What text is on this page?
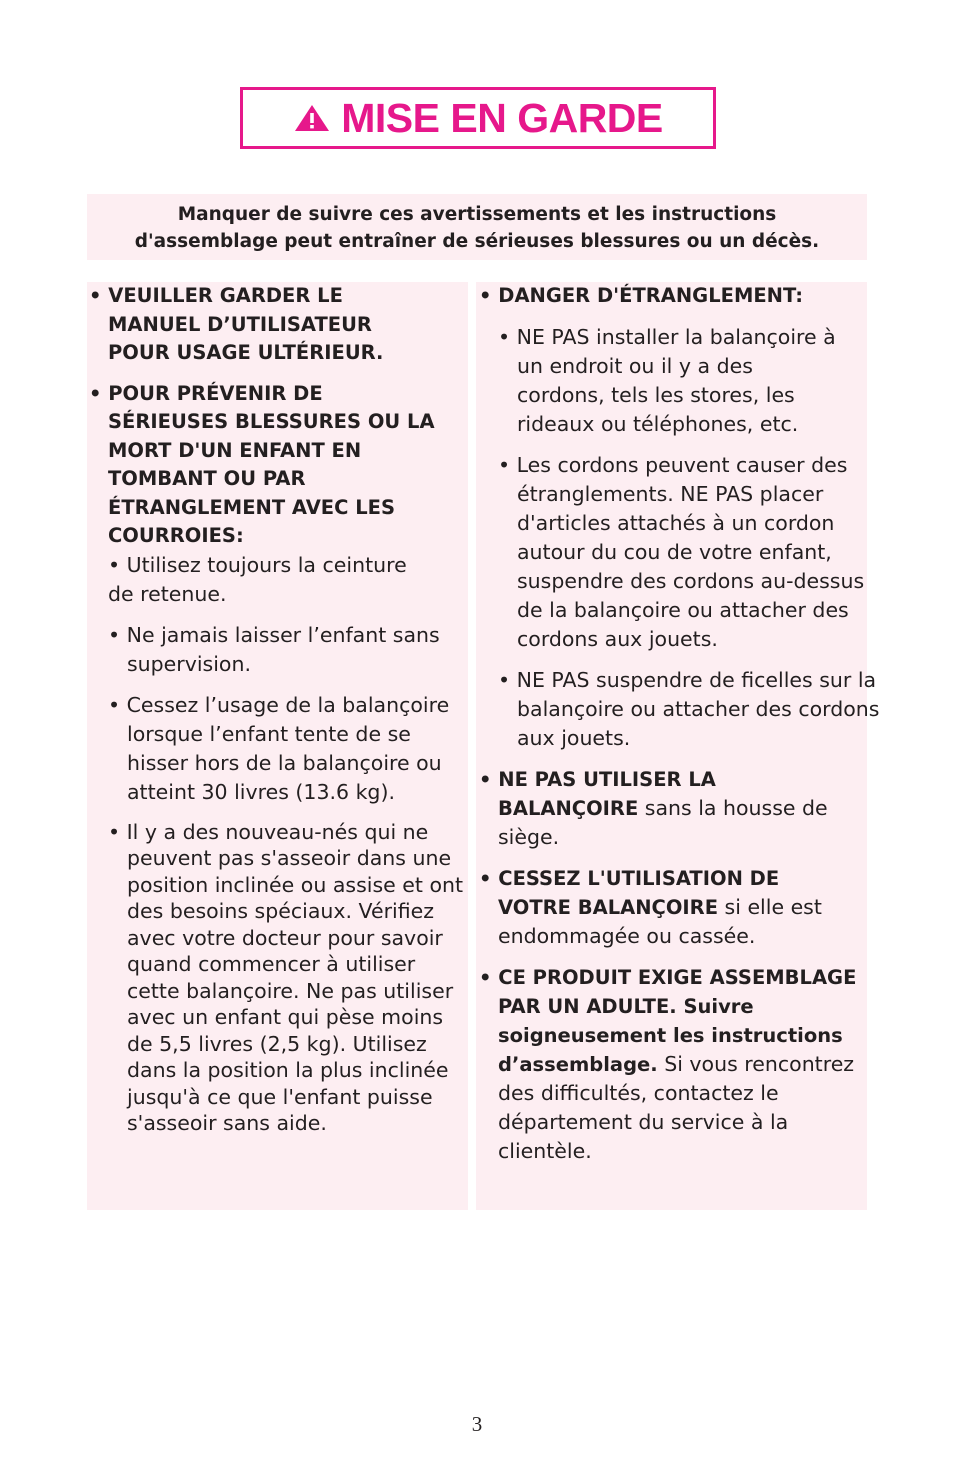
MISE EN GARDE
Manquer de suivre ces avertissements et les instructions
d'assemblage peut entraîner de sérieuses blessures ou un décès.
• VEUILLER GARDER LE MANUEL D’UTILISATEUR POUR USAGE ULTÉRIEUR.
• POUR PRÉVENIR DE SÉRIEUSES BLESSURES OU LA MORT D'UN ENFANT EN TOMBANT OU PAR ÉTRANGLEMENT AVEC LES COURROIES:
• Utilisez toujours la ceinture de retenue.
• Ne jamais laisser l’enfant sans supervision.
• Cessez l’usage de la balançoire lorsque l’enfant tente de se hisser hors de la balançoire ou atteint 30 livres (13.6 kg).
• Il y a des nouveau-nés qui ne peuvent pas s'asseoir dans une position inclinée ou assise et ont des besoins spéciaux. Vérifiez avec votre docteur pour savoir quand commencer à utiliser cette balançoire. Ne pas utiliser avec un enfant qui pèse moins de 5,5 livres (2,5 kg). Utilisez dans la position la plus inclinée jusqu'à ce que l'enfant puisse s'asseoir sans aide.
• DANGER D'ÉTRANGLEMENT:
• NE PAS installer la balançoire à un endroit ou il y a des cordons, tels les stores, les rideaux ou téléphones, etc.
• Les cordons peuvent causer des étranglements. NE PAS placer d'articles attachés à un cordon autour du cou de votre enfant, suspendre des cordons au-dessus de la balançoire ou attacher des cordons aux jouets.
• NE PAS suspendre de ficelles sur la balançoire ou attacher des cordons aux jouets.
• NE PAS UTILISER LA BALANÇOIRE sans la housse de siège.
• CESSEZ L'UTILISATION DE VOTRE BALANÇOIRE si elle est endommagée ou cassée.
• CE PRODUIT EXIGE ASSEMBLAGE PAR UN ADULTE. Suivre soigneusement les instructions d’assemblage. Si vous rencontrez des difficultés, contactez le département du service à la clientèle.
3
